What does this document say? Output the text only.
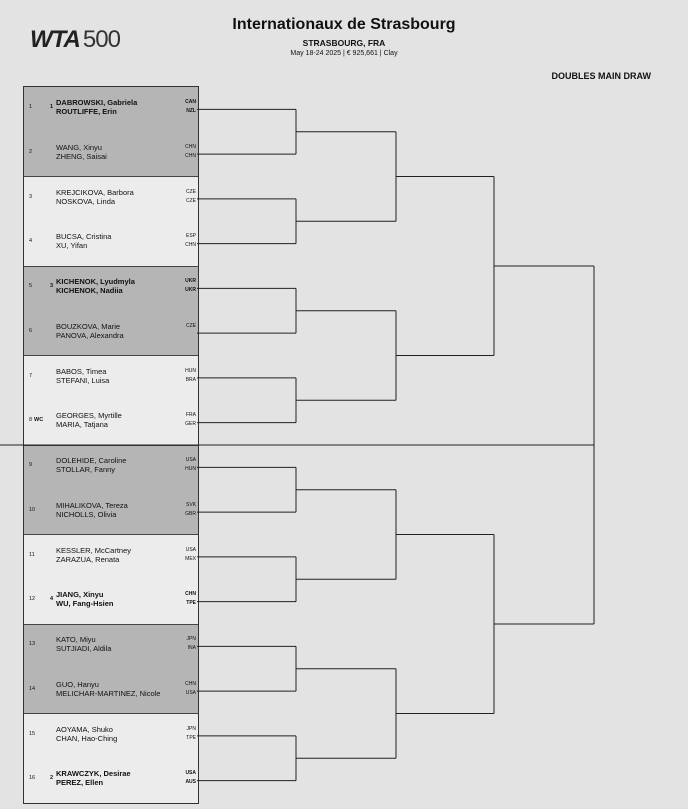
WTA 500
Internationaux de Strasbourg
STRASBOURG, FRA
May 18-24 2025 | € 925,661 | Clay
DOUBLES MAIN DRAW
1	1 DABROWSKI, Gabriela	CAN
ROUTLIFFE, Erin	NZL
2	WANG, Xinyu	CHN
ZHENG, Saisai	CHN
3	KREJCIKOVA, Barbora	CZE
NOSKOVA, Linda	CZE
4	BUCSA, Cristina	ESP
XU, Yifan	CHN
5	3 KICHENOK, Lyudmyla	UKR
KICHENOK, Nadiia	UKR
6	BOUZKOVA, Marie	CZE
PANOVA, Alexandra
7	BABOS, Timea	HUN
STEFANI, Luisa	BRA
8 WC GEORGES, Myrtille	FRA
MARIA, Tatjana	GER
9	DOLEHIDE, Caroline	USA
STOLLAR, Fanny	HUN
10	MIHALIKOVA, Tereza	SVK
NICHOLLS, Olivia	GBR
11	KESSLER, McCartney	USA
ZARAZUA, Renata	MEX
12	4 JIANG, Xinyu	CHN
WU, Fang-Hsien	TPE
13	KATO, Miyu	JPN
SUTJIADI, Aldila	INA
14	GUO, Hanyu	CHN
MELICHAR-MARTINEZ, Nicole	USA
15	AOYAMA, Shuko	JPN
CHAN, Hao-Ching	TPE
16	2 KRAWCZYK, Desirae	USA
PEREZ, Ellen	AUS
